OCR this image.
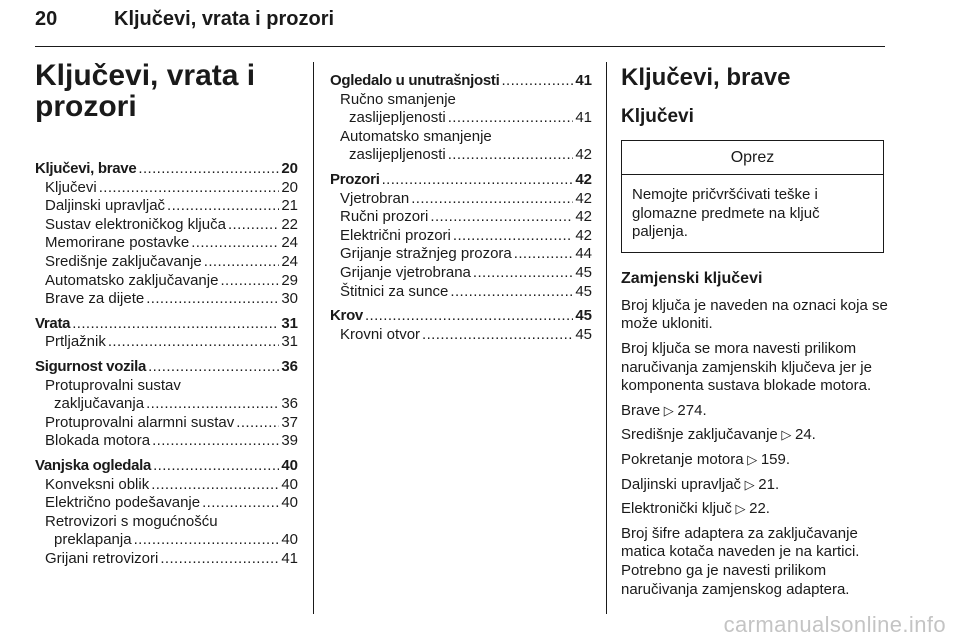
20	Ključevi, vrata i prozori
Ključevi, vrata i
prozori
Ključevi, brave .....	20
Ključevi .....	20
Daljinski upravljač .....	21
Sustav elektroničkog ključa .....	22
Memorirane postavke .....	24
Središnje zaključavanje .....	24
Automatsko zaključavanje .....	29
Brave za dijete .....	30
Vrata .....	31
Prtljažnik .....	31
Sigurnost vozila .....	36
Protuprovalni sustav
zaključavanja .....	36
Protuprovalni alarmni sustav .....	37
Blokada motora .....	39
Vanjska ogledala .....	40
Konveksni oblik .....	40
Električno podešavanje .....	40
Retrovizori s mogućnošću
preklapanja .....	40
Grijani retrovizori .....	41
Ogledalo u unutrašnjosti .....	41
Ručno smanjenje
zaslijepljenosti .....	41
Automatsko smanjenje
zaslijepljenosti .....	42
Prozori .....	42
Vjetrobran .....	42
Ručni prozori .....	42
Električni prozori .....	42
Grijanje stražnjeg prozora .....	44
Grijanje vjetrobrana .....	45
Štitnici za sunce .....	45
Krov .....	45
Krovni otvor .....	45
Ključevi, brave
Ključevi
Oprez
Nemojte pričvršćivati teške i glomazne predmete na ključ paljenja.
Zamjenski ključevi
Broj ključa je naveden na oznaci koja se može ukloniti.
Broj ključa se mora navesti prilikom naručivanja zamjenskih ključeva jer je komponenta sustava blokade motora.
Brave ▷ 274.
Središnje zaključavanje ▷ 24.
Pokretanje motora ▷ 159.
Daljinski upravljač ▷ 21.
Elektronički ključ ▷ 22.
Broj šifre adaptera za zaključavanje matica kotača naveden je na kartici. Potrebno ga je navesti prilikom naručivanja zamjenskog adaptera.
carmanualsonline.info
